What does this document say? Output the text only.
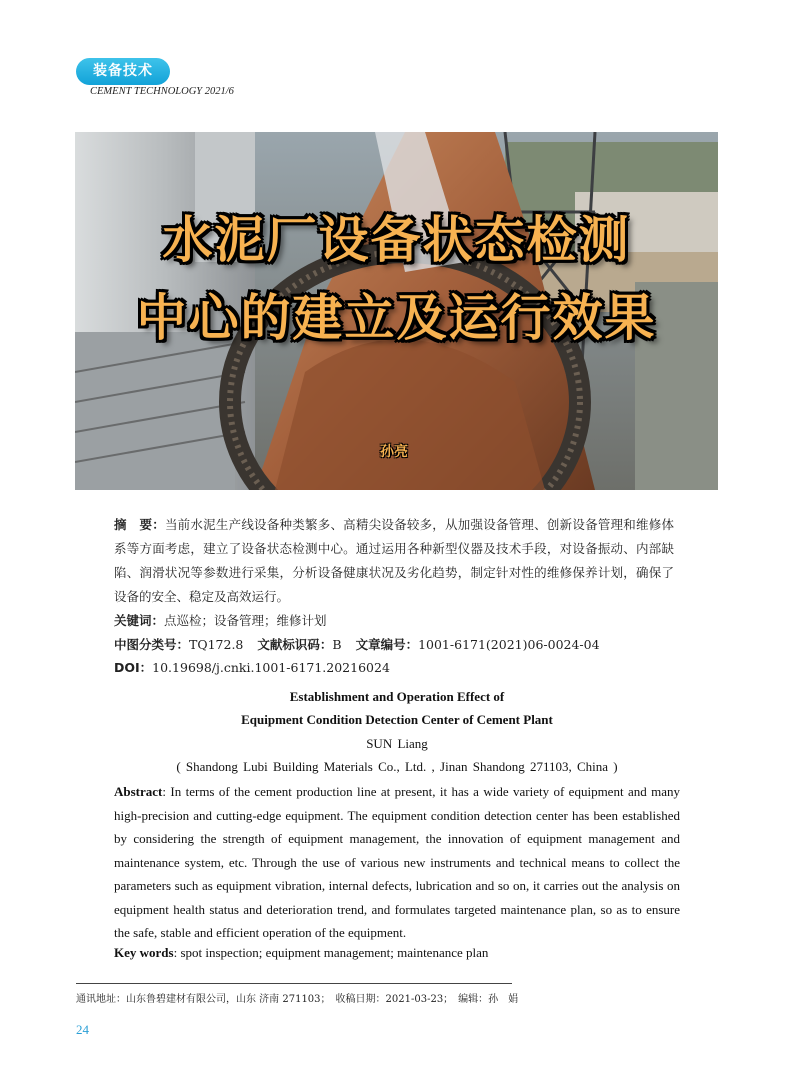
装备技术
CEMENT TECHNOLOGY 2021/6
水泥厂设备状态检测
中心的建立及运行效果
孙亮
摘　要：当前水泥生产线设备种类繁多、高精尖设备较多，从加强设备管理、创新设备管理和维修体系等方面考虑，建立了设备状态检测中心。通过运用各种新型仪器及技术手段，对设备振动、内部缺陷、润滑状况等参数进行采集，分析设备健康状况及劣化趋势，制定针对性的维修保养计划，确保了设备的安全、稳定及高效运行。
关键词：点巡检；设备管理；维修计划
中图分类号：TQ172.8 文献标识码：B 文章编号：1001-6171(2021)06-0024-04
DOI：10.19698/j.cnki.1001-6171.20216024
Establishment and Operation Effect of
Equipment Condition Detection Center of Cement Plant
SUN Liang
( Shandong Lubi Building Materials Co., Ltd. , Jinan Shandong 271103, China )
Abstract: In terms of the cement production line at present, it has a wide variety of equipment and many high-precision and cutting-edge equipment. The equipment condition detection center has been established by considering the strength of equipment management, the innovation of equipment management and maintenance system, etc. Through the use of various new instruments and technical means to collect the parameters such as equipment vibration, internal defects, lubrication and so on, it carries out the analysis on equipment health status and deterioration trend, and formulates targeted maintenance plan, so as to ensure the safe, stable and efficient operation of the equipment.
Key words: spot inspection; equipment management; maintenance plan
通讯地址：山东鲁碧建材有限公司，山东 济南 271103；　收稿日期：2021-03-23；　编辑：孙　娟
24
